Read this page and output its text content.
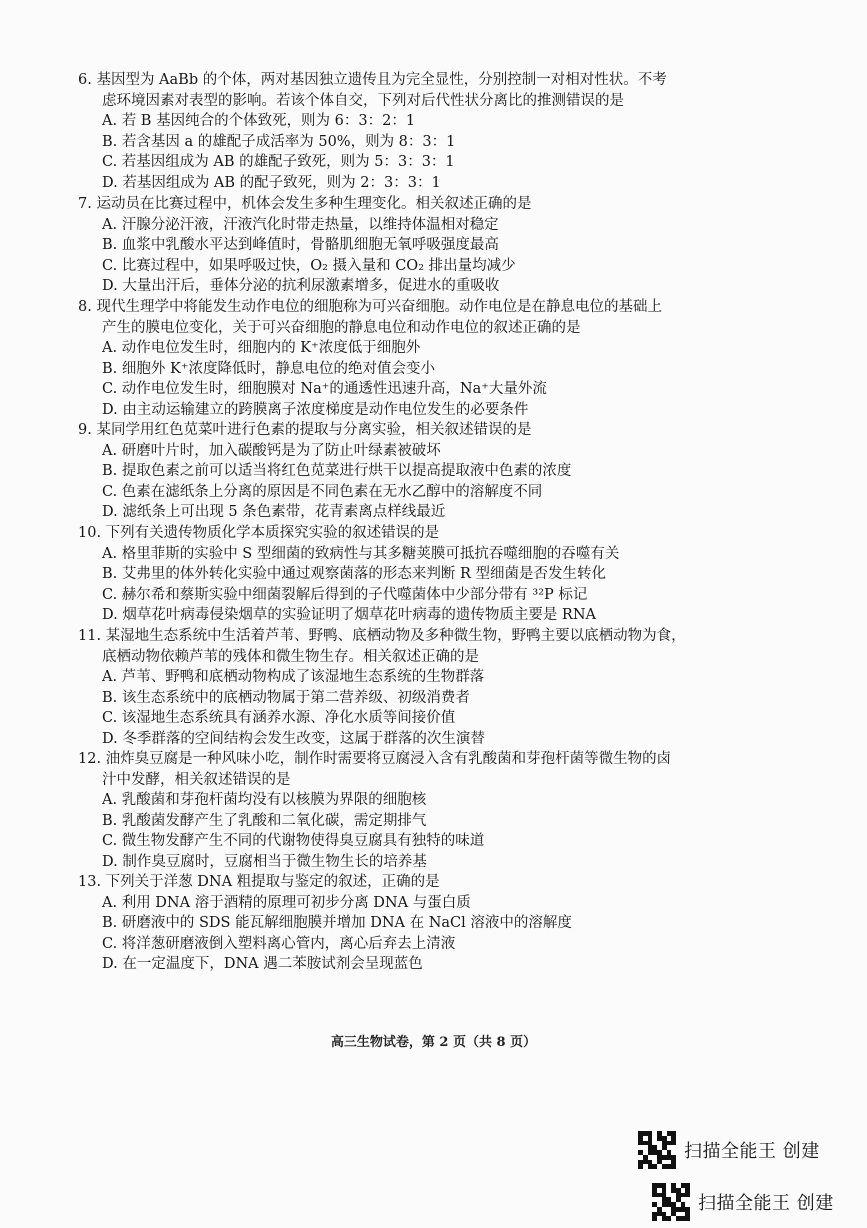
6. 基因型为 AaBb 的个体，两对基因独立遗传且为完全显性，分别控制一对相对性状。不考
虑环境因素对表型的影响。若该个体自交，下列对后代性状分离比的推测错误的是
A. 若 B 基因纯合的个体致死，则为 6：3：2：1
B. 若含基因 a 的雄配子成活率为 50%，则为 8：3：1
C. 若基因组成为 AB 的雄配子致死，则为 5：3：3：1
D. 若基因组成为 AB 的配子致死，则为 2：3：3：1
7. 运动员在比赛过程中，机体会发生多种生理变化。相关叙述正确的是
A. 汗腺分泌汗液，汗液汽化时带走热量，以维持体温相对稳定
B. 血浆中乳酸水平达到峰值时，骨骼肌细胞无氧呼吸强度最高
C. 比赛过程中，如果呼吸过快，O₂ 摄入量和 CO₂ 排出量均减少
D. 大量出汗后，垂体分泌的抗利尿激素增多，促进水的重吸收
8. 现代生理学中将能发生动作电位的细胞称为可兴奋细胞。动作电位是在静息电位的基础上
产生的膜电位变化，关于可兴奋细胞的静息电位和动作电位的叙述正确的是
A. 动作电位发生时，细胞内的 K⁺浓度低于细胞外
B. 细胞外 K⁺浓度降低时，静息电位的绝对值会变小
C. 动作电位发生时，细胞膜对 Na⁺的通透性迅速升高，Na⁺大量外流
D. 由主动运输建立的跨膜离子浓度梯度是动作电位发生的必要条件
9. 某同学用红色苋菜叶进行色素的提取与分离实验，相关叙述错误的是
A. 研磨叶片时，加入碳酸钙是为了防止叶绿素被破坏
B. 提取色素之前可以适当将红色苋菜进行烘干以提高提取液中色素的浓度
C. 色素在滤纸条上分离的原因是不同色素在无水乙醇中的溶解度不同
D. 滤纸条上可出现 5 条色素带，花青素离点样线最近
10. 下列有关遗传物质化学本质探究实验的叙述错误的是
A. 格里菲斯的实验中 S 型细菌的致病性与其多糖荚膜可抵抗吞噬细胞的吞噬有关
B. 艾弗里的体外转化实验中通过观察菌落的形态来判断 R 型细菌是否发生转化
C. 赫尔希和蔡斯实验中细菌裂解后得到的子代噬菌体中少部分带有 ³²P 标记
D. 烟草花叶病毒侵染烟草的实验证明了烟草花叶病毒的遗传物质主要是 RNA
11. 某湿地生态系统中生活着芦苇、野鸭、底栖动物及多种微生物，野鸭主要以底栖动物为食，
底栖动物依赖芦苇的残体和微生物生存。相关叙述正确的是
A. 芦苇、野鸭和底栖动物构成了该湿地生态系统的生物群落
B. 该生态系统中的底栖动物属于第二营养级、初级消费者
C. 该湿地生态系统具有涵养水源、净化水质等间接价值
D. 冬季群落的空间结构会发生改变，这属于群落的次生演替
12. 油炸臭豆腐是一种风味小吃，制作时需要将豆腐浸入含有乳酸菌和芽孢杆菌等微生物的卤
汁中发酵，相关叙述错误的是
A. 乳酸菌和芽孢杆菌均没有以核膜为界限的细胞核
B. 乳酸菌发酵产生了乳酸和二氧化碳，需定期排气
C. 微生物发酵产生不同的代谢物使得臭豆腐具有独特的味道
D. 制作臭豆腐时，豆腐相当于微生物生长的培养基
13. 下列关于洋葱 DNA 粗提取与鉴定的叙述，正确的是
A. 利用 DNA 溶于酒精的原理可初步分离 DNA 与蛋白质
B. 研磨液中的 SDS 能瓦解细胞膜并增加 DNA 在 NaCl 溶液中的溶解度
C. 将洋葱研磨液倒入塑料离心管内，离心后弃去上清液
D. 在一定温度下，DNA 遇二苯胺试剂会呈现蓝色
高三生物试卷，第 2 页（共 8 页）
扫描全能王 创建
扫描全能王 创建
